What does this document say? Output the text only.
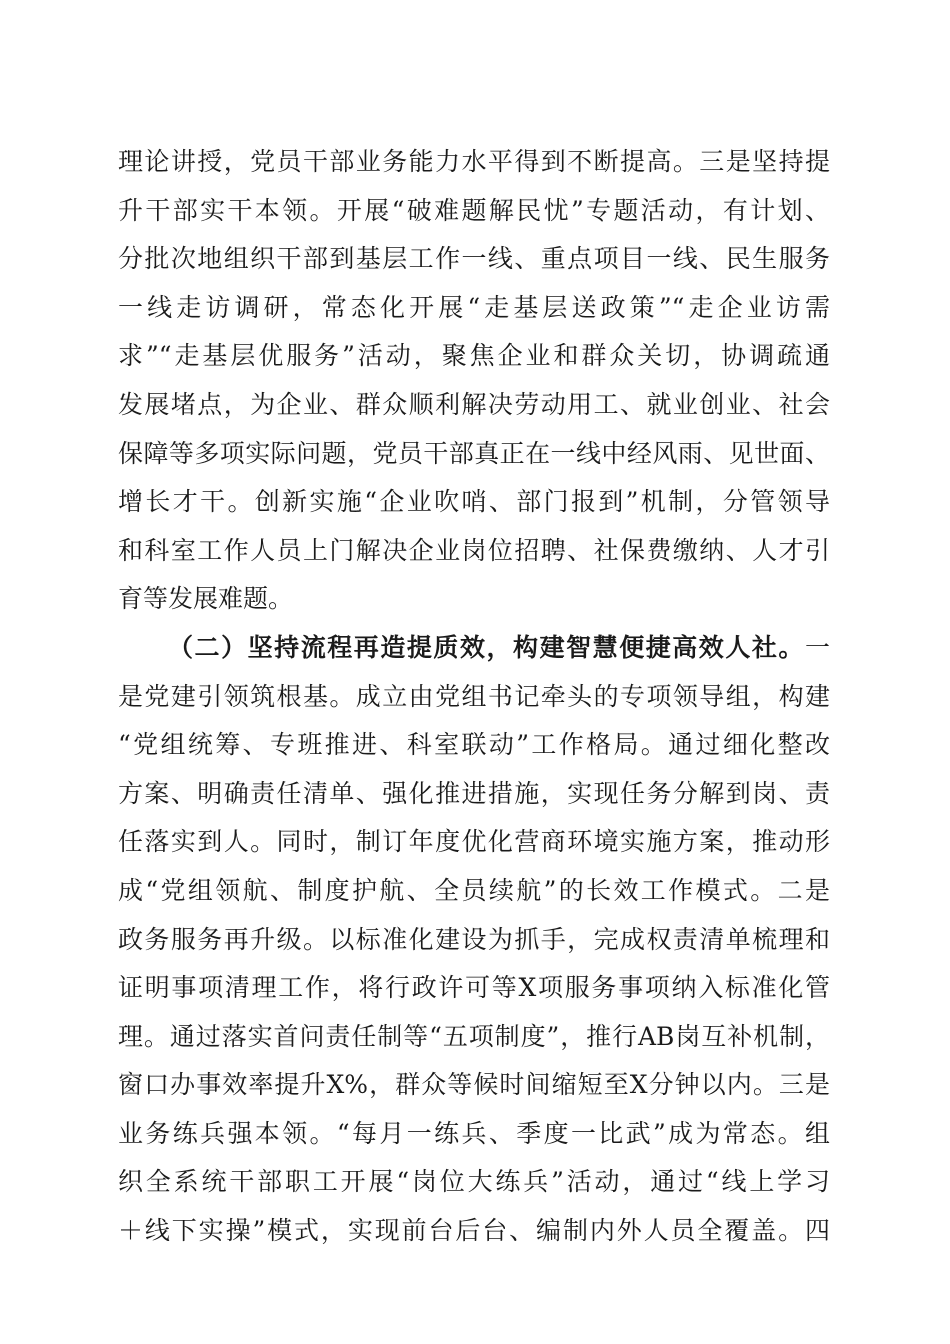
理论讲授，党员干部业务能力水平得到不断提高。三是坚持提
升干部实干本领。开展“破难题解民忧”专题活动，有计划、
分批次地组织干部到基层工作一线、重点项目一线、民生服务
一线走访调研，常态化开展“走基层送政策”“走企业访需
求”“走基层优服务”活动，聚焦企业和群众关切，协调疏通
发展堵点，为企业、群众顺利解决劳动用工、就业创业、社会
保障等多项实际问题，党员干部真正在一线中经风雨、见世面、
增长才干。创新实施“企业吹哨、部门报到”机制，分管领导
和科室工作人员上门解决企业岗位招聘、社保费缴纳、人才引
育等发展难题。
（二）坚持流程再造提质效，构建智慧便捷高效人社。一
是党建引领筑根基。成立由党组书记牵头的专项领导组，构建
“党组统筹、专班推进、科室联动”工作格局。通过细化整改
方案、明确责任清单、强化推进措施，实现任务分解到岗、责
任落实到人。同时，制订年度优化营商环境实施方案，推动形
成“党组领航、制度护航、全员续航”的长效工作模式。二是
政务服务再升级。以标准化建设为抓手，完成权责清单梳理和
证明事项清理工作，将行政许可等X项服务事项纳入标准化管
理。通过落实首问责任制等“五项制度”，推行AB岗互补机制，
窗口办事效率提升X%，群众等候时间缩短至X分钟以内。三是
业务练兵强本领。“每月一练兵、季度一比武”成为常态。组
织全系统干部职工开展“岗位大练兵”活动，通过“线上学习
＋线下实操”模式，实现前台后台、编制内外人员全覆盖。四
